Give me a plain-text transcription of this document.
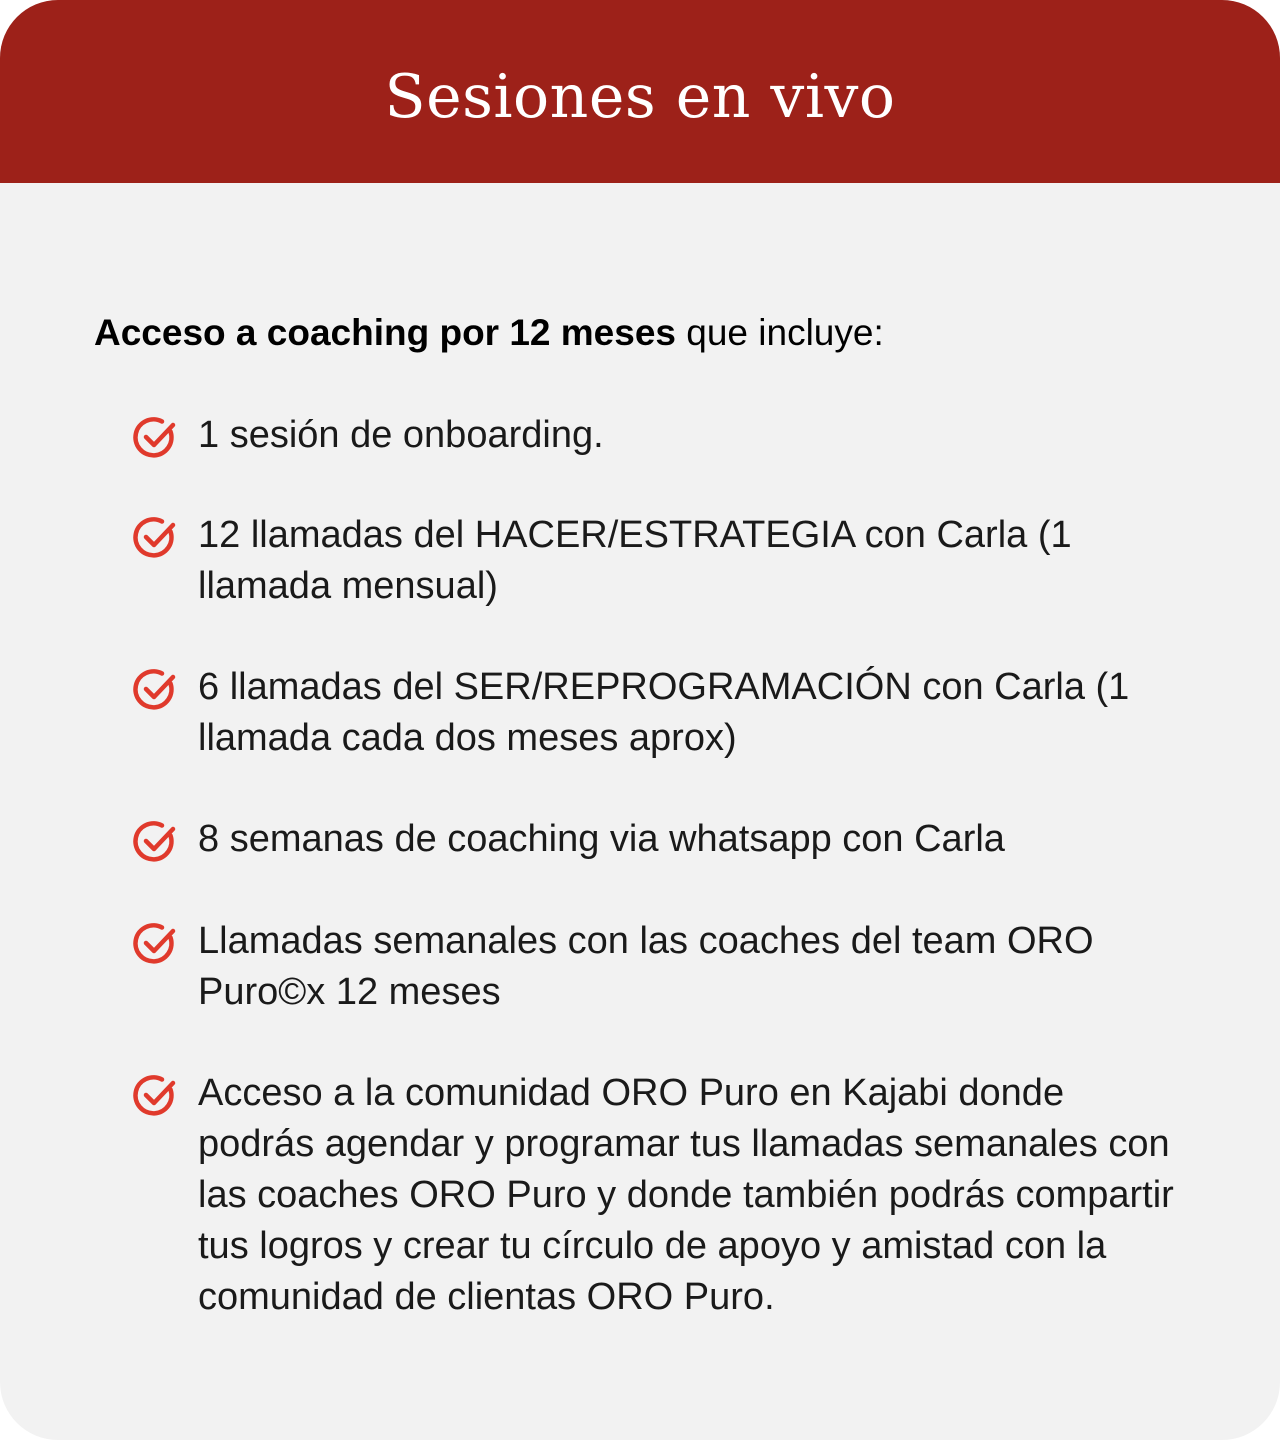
Sesiones en vivo

Acceso a coaching por 12 meses que incluye:

1 sesión de onboarding.
12 llamadas del HACER/ESTRATEGIA con Carla (1 llamada mensual)
6 llamadas del SER/REPROGRAMACIÓN con Carla (1 llamada cada dos meses aprox)
8 semanas de coaching via whatsapp con Carla
Llamadas semanales con las coaches del team ORO Puro©x 12 meses
Acceso a la comunidad ORO Puro en Kajabi donde podrás agendar y programar tus llamadas semanales con las coaches ORO Puro y donde también podrás compartir tus logros y crear tu círculo de apoyo y amistad con la comunidad de clientas ORO Puro.
